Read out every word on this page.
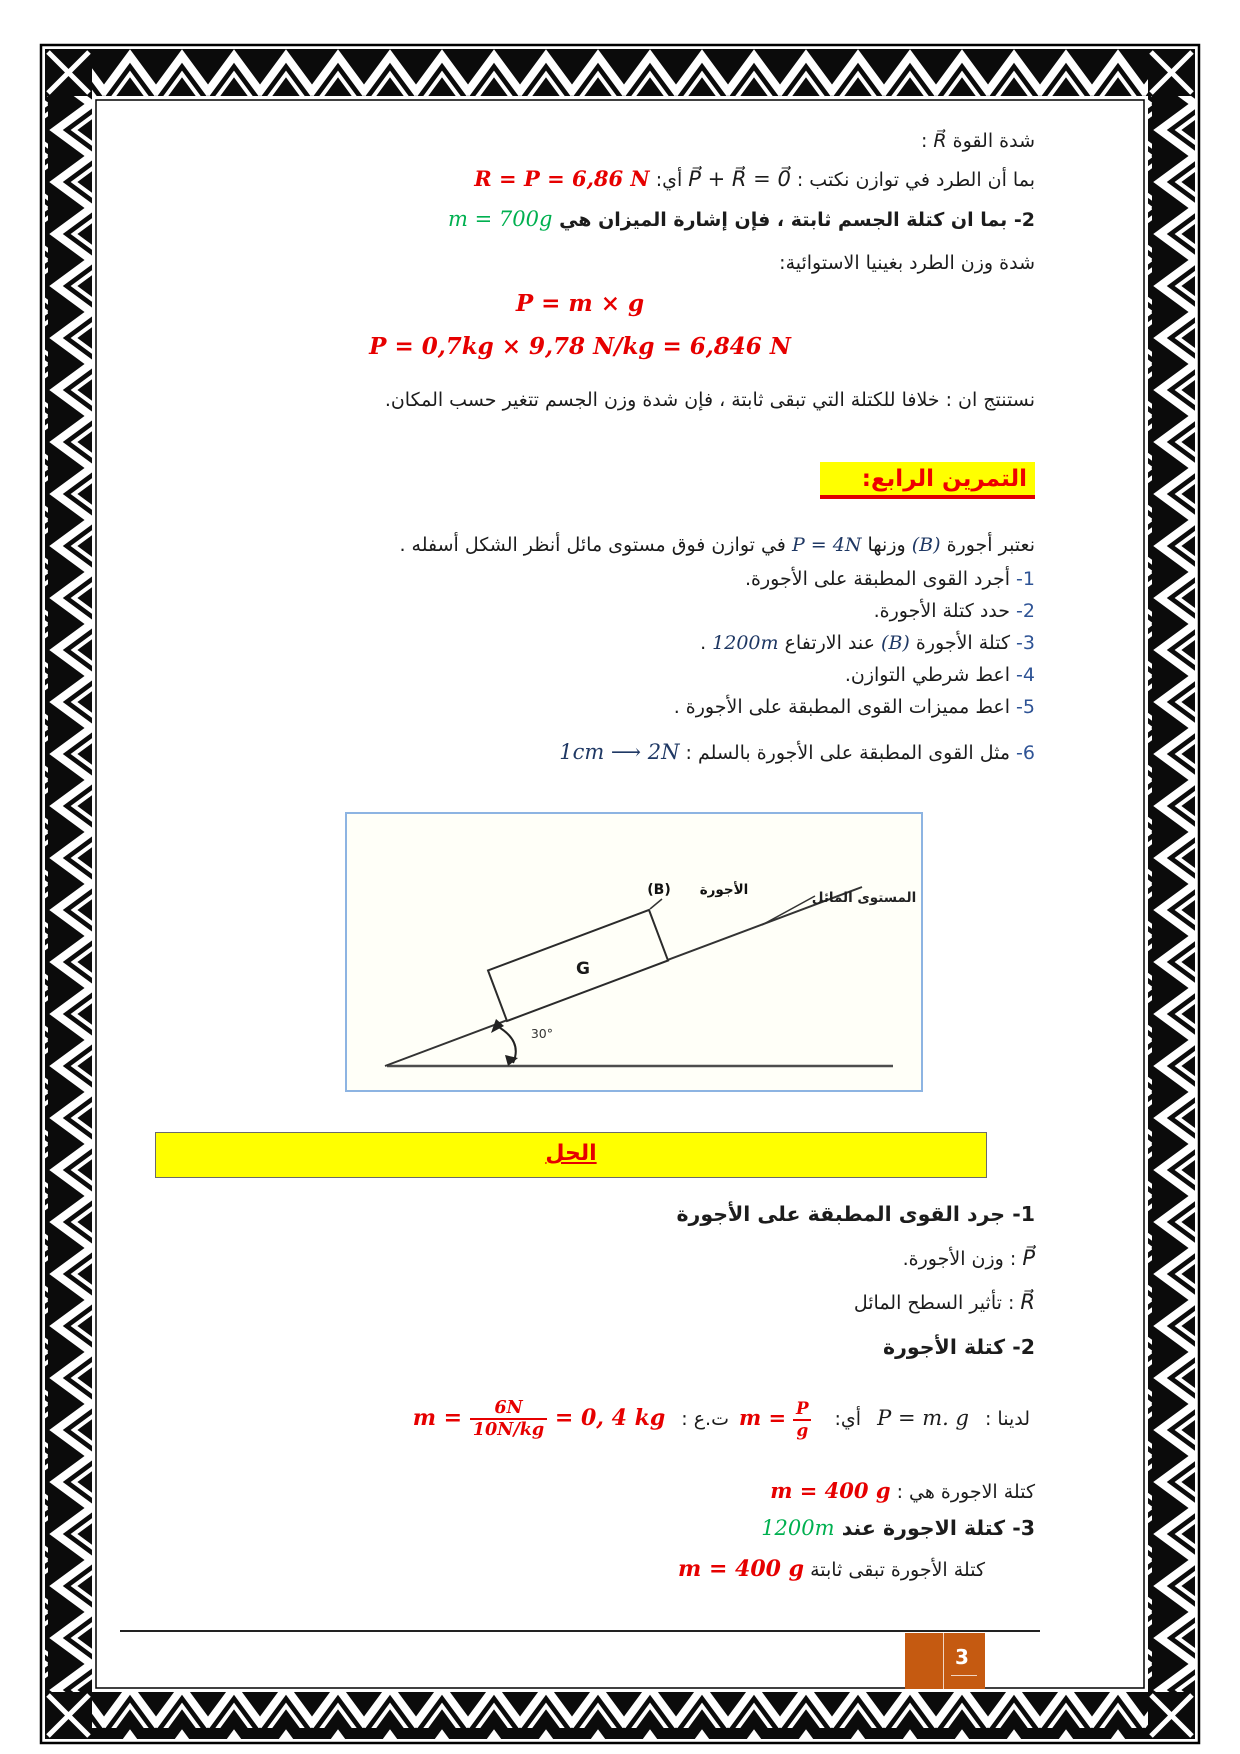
شدة القوة R⃗ :
بما أن الطرد في توازن نكتب : P⃗ + R⃗ = 0⃗ أي: R = P = 6,86 N
2- بما ان كتلة الجسم ثابتة ، فإن إشارة الميزان هي m = 700g
شدة وزن الطرد بغينيا الاستوائية:
P = m × g
P = 0,7kg × 9,78 N/kg = 6,846 N
نستنتج ان : خلافا للكتلة التي تبقى ثابتة ، فإن شدة وزن الجسم تتغير حسب المكان.
التمرين الرابع:
نعتبر أجورة (B) وزنها P = 4N في توازن فوق مستوى مائل أنظر الشكل أسفله .
1- أجرد القوى المطبقة على الأجورة.
2- حدد كتلة الأجورة.
3- كتلة الأجورة (B) عند الارتفاع 1200m .
4- اعط شرطي التوازن.
5- اعط مميزات القوى المطبقة على الأجورة .
6- مثل القوى المطبقة على الأجورة بالسلم : 1cm ⟶ 2N
المستوى المائل
G
(B) الأجورة
30°
الحل
1- جرد القوى المطبقة على الأجورة
P⃗ : وزن الأجورة.
R⃗ : تأثير السطح المائل
2- كتلة الأجورة
لدينا : P = m. g أي: $m = \frac{P}{g}$
ت.ع : $m = \frac{6N}{10N/kg} = 0$, 4 kg
كتلة الاجورة هي : m = 400 g
3- كتلة الاجورة عند 1200m
كتلة الأجورة تبقى ثابتة m = 400 g
3
